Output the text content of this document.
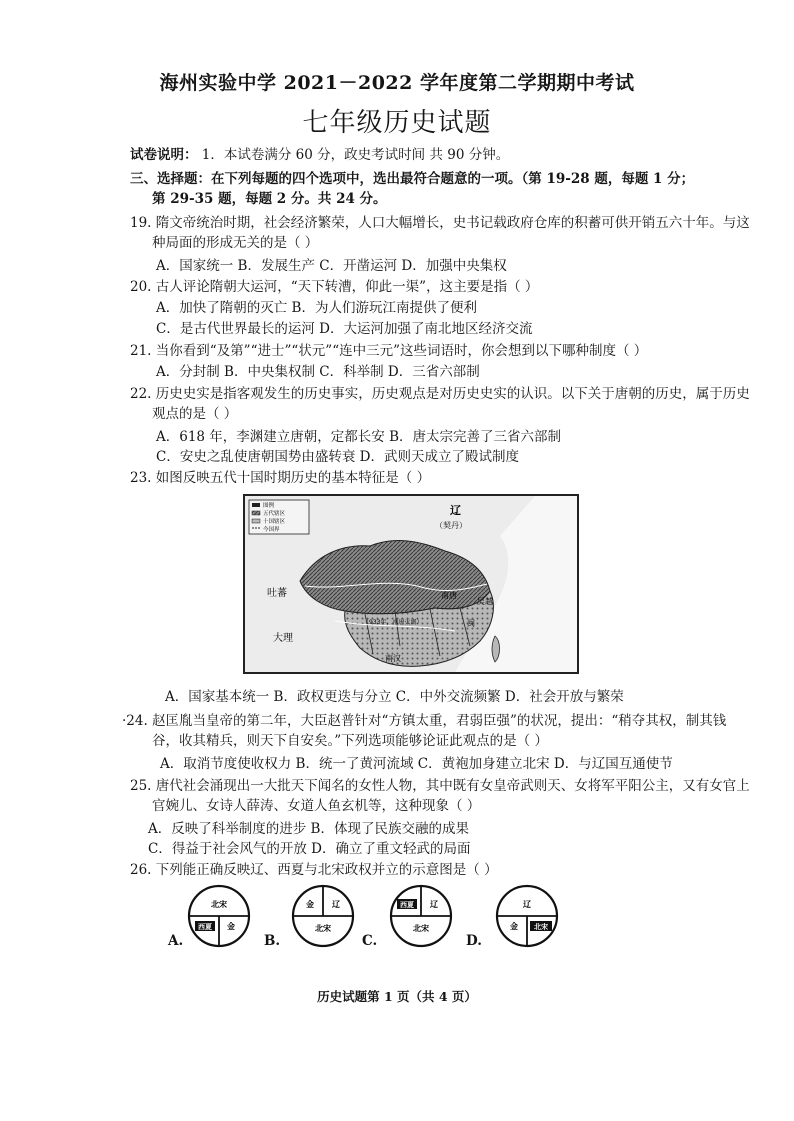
海州实验中学 2021－2022 学年度第二学期期中考试
七年级历史试题
试卷说明： 1．本试卷满分 60 分，政史考试时间 共 90 分钟。
三、选择题：在下列每题的四个选项中，选出最符合题意的一项。（第 19-28 题，每题 1 分；
第 29-35 题，每题 2 分。共 24 分。
19. 隋文帝统治时期，社会经济繁荣，人口大幅增长，史书记载政府仓库的积蓄可供开销五六十年。与这
种局面的形成无关的是（ ）
A．国家统一 B．发展生产 C．开凿运河 D．加强中央集权
20. 古人评论隋朝大运河，“天下转漕，仰此一渠”，这主要是指（ ）
A．加快了隋朝的灭亡 B．为人们游玩江南提供了便利
C．是古代世界最长的运河 D．大运河加强了南北地区经济交流
21. 当你看到“及第”“进士”“状元”“连中三元”这些词语时，你会想到以下哪种制度（ ）
A．分封制 B．中央集权制 C．科举制 D．三省六部制
22. 历史史实是指客观发生的历史事实，历史观点是对历史史实的认识。以下关于唐朝的历史，属于历史
观点的是（ ）
A．618 年，李渊建立唐朝，定都长安 B．唐太宗完善了三省六部制
C．安史之乱使唐朝国势由盛转衰 D．武则天成立了殿试制度
23. 如图反映五代十国时期历史的基本特征是（ ）
图例
五代辖区
十国辖区
今国界
辽
（契丹）
吐蕃
大理
南汉
闽
吴越
南唐
（933年，南唐灭闽）
A．国家基本统一 B．政权更迭与分立 C．中外交流频繁 D．社会开放与繁荣
·24. 赵匡胤当皇帝的第二年，大臣赵普针对“方镇太重，君弱臣强”的状况，提出：“稍夺其权，制其钱
谷，收其精兵，则天下自安矣。”下列选项能够论证此观点的是（ ）
A．取消节度使收权力 B．统一了黄河流域 C．黄袍加身建立北宋 D．与辽国互通使节
25. 唐代社会涌现出一大批天下闻名的女性人物，其中既有女皇帝武则天、女将军平阳公主，又有女官上
官婉儿、女诗人薛涛、女道人鱼玄机等，这种现象（ ）
A．反映了科举制度的进步 B．体现了民族交融的成果
C．得益于社会风气的开放 D．确立了重文轻武的局面
26. 下列能正确反映辽、西夏与北宋政权并立的示意图是（ ）
北宋
西夏 金
A.
金 辽
北宋
B.
西夏 辽
北宋
C.
辽
金 北宋
D.
历史试题第 1 页（共 4 页）
